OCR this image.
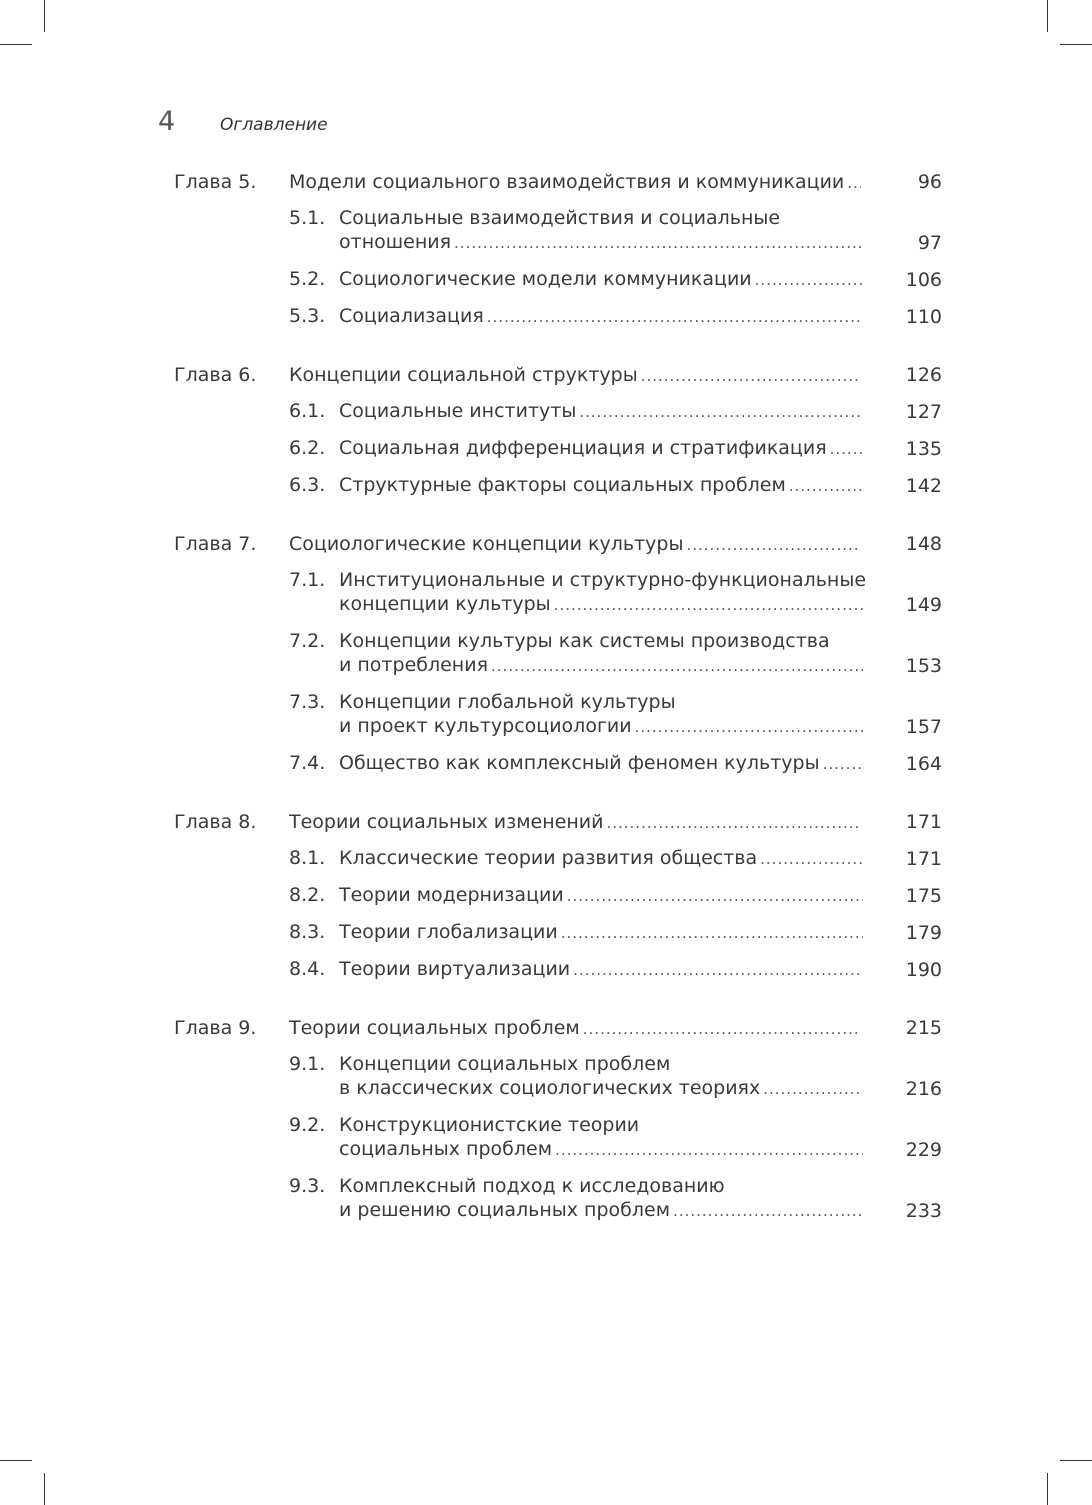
4	Оглавление
Глава 5.	Модели социального взаимодействия и коммуникации .....	96
5.1. Социальные взаимодействия и социальные
отношения .....	97
5.2. Социологические модели коммуникации .....	106
5.3. Социализация .....	110
Глава 6.	Концепции социальной структуры .....	126
6.1. Социальные институты .....	127
6.2. Социальная дифференциация и стратификация .....	135
6.3. Структурные факторы социальных проблем .....	142
Глава 7.	Социологические концепции культуры .....	148
7.1. Институциональные и структурно-функциональные
концепции культуры .....	149
7.2. Концепции культуры как системы производства
и потребления .....	153
7.3. Концепции глобальной культуры
и проект культурсоциологии .....	157
7.4. Общество как комплексный феномен культуры .....	164
Глава 8.	Теории социальных изменений .....	171
8.1. Классические теории развития общества .....	171
8.2. Теории модернизации .....	175
8.3. Теории глобализации .....	179
8.4. Теории виртуализации .....	190
Глава 9.	Теории социальных проблем .....	215
9.1. Концепции социальных проблем
в классических социологических теориях .....	216
9.2. Конструкционистские теории
социальных проблем .....	229
9.3. Комплексный подход к исследованию
и решению социальных проблем .....	233
